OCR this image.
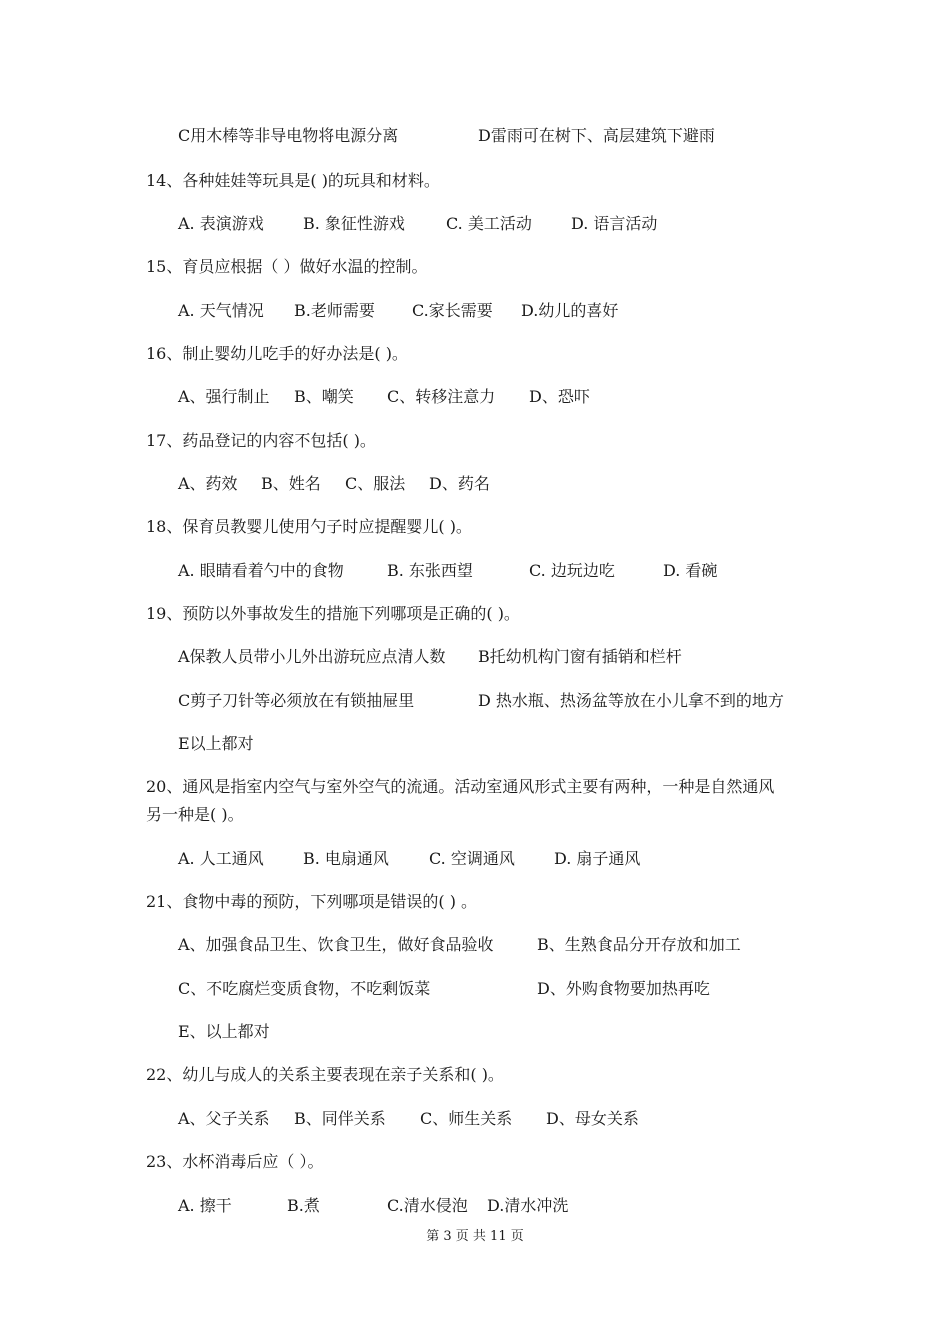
C用木棒等非导电物将电源分离	D雷雨可在树下、高层建筑下避雨
14、各种娃娃等玩具是( )的玩具和材料。
A. 表演游戏 B. 象征性游戏	C. 美工活动 D. 语言活动
15、育员应根据（ ）做好水温的控制。
A. 天气情况 B.老师需要 C.家长需要 D.幼儿的喜好
16、制止婴幼儿吃手的好办法是( )。
A、强行制止 B、嘲笑 C、转移注意力 D、恐吓
17、药品登记的内容不包括( )。
A、药效 B、姓名 C、服法 D、药名
18、保育员教婴儿使用勺子时应提醒婴儿( )。
A. 眼睛看着勺中的食物	B. 东张西望	C. 边玩边吃	D. 看碗
19、预防以外事故发生的措施下列哪项是正确的( )。
A保教人员带小儿外出游玩应点清人数 B托幼机构门窗有插销和栏杆
C剪子刀针等必须放在有锁抽屉里	D 热水瓶、热汤盆等放在小儿拿不到的地方
E以上都对
20、通风是指室内空气与室外空气的流通。活动室通风形式主要有两种，一种是自然通风
另一种是( )。
A. 人工通风 B. 电扇通风	C. 空调通风 D. 扇子通风
21、食物中毒的预防，下列哪项是错误的( ) 。
A、加强食品卫生、饮食卫生，做好食品验收	B、生熟食品分开存放和加工
C、不吃腐烂变质食物，不吃剩饭菜	D、外购食物要加热再吃
E、以上都对
22、幼儿与成人的关系主要表现在亲子关系和( )。
A、父子关系 B、同伴关系 C、师生关系 D、母女关系
23、水杯消毒后应（ ）。
A. 擦干	B.煮	C.清水侵泡 D.清水冲洗
第 3 页 共 11 页
